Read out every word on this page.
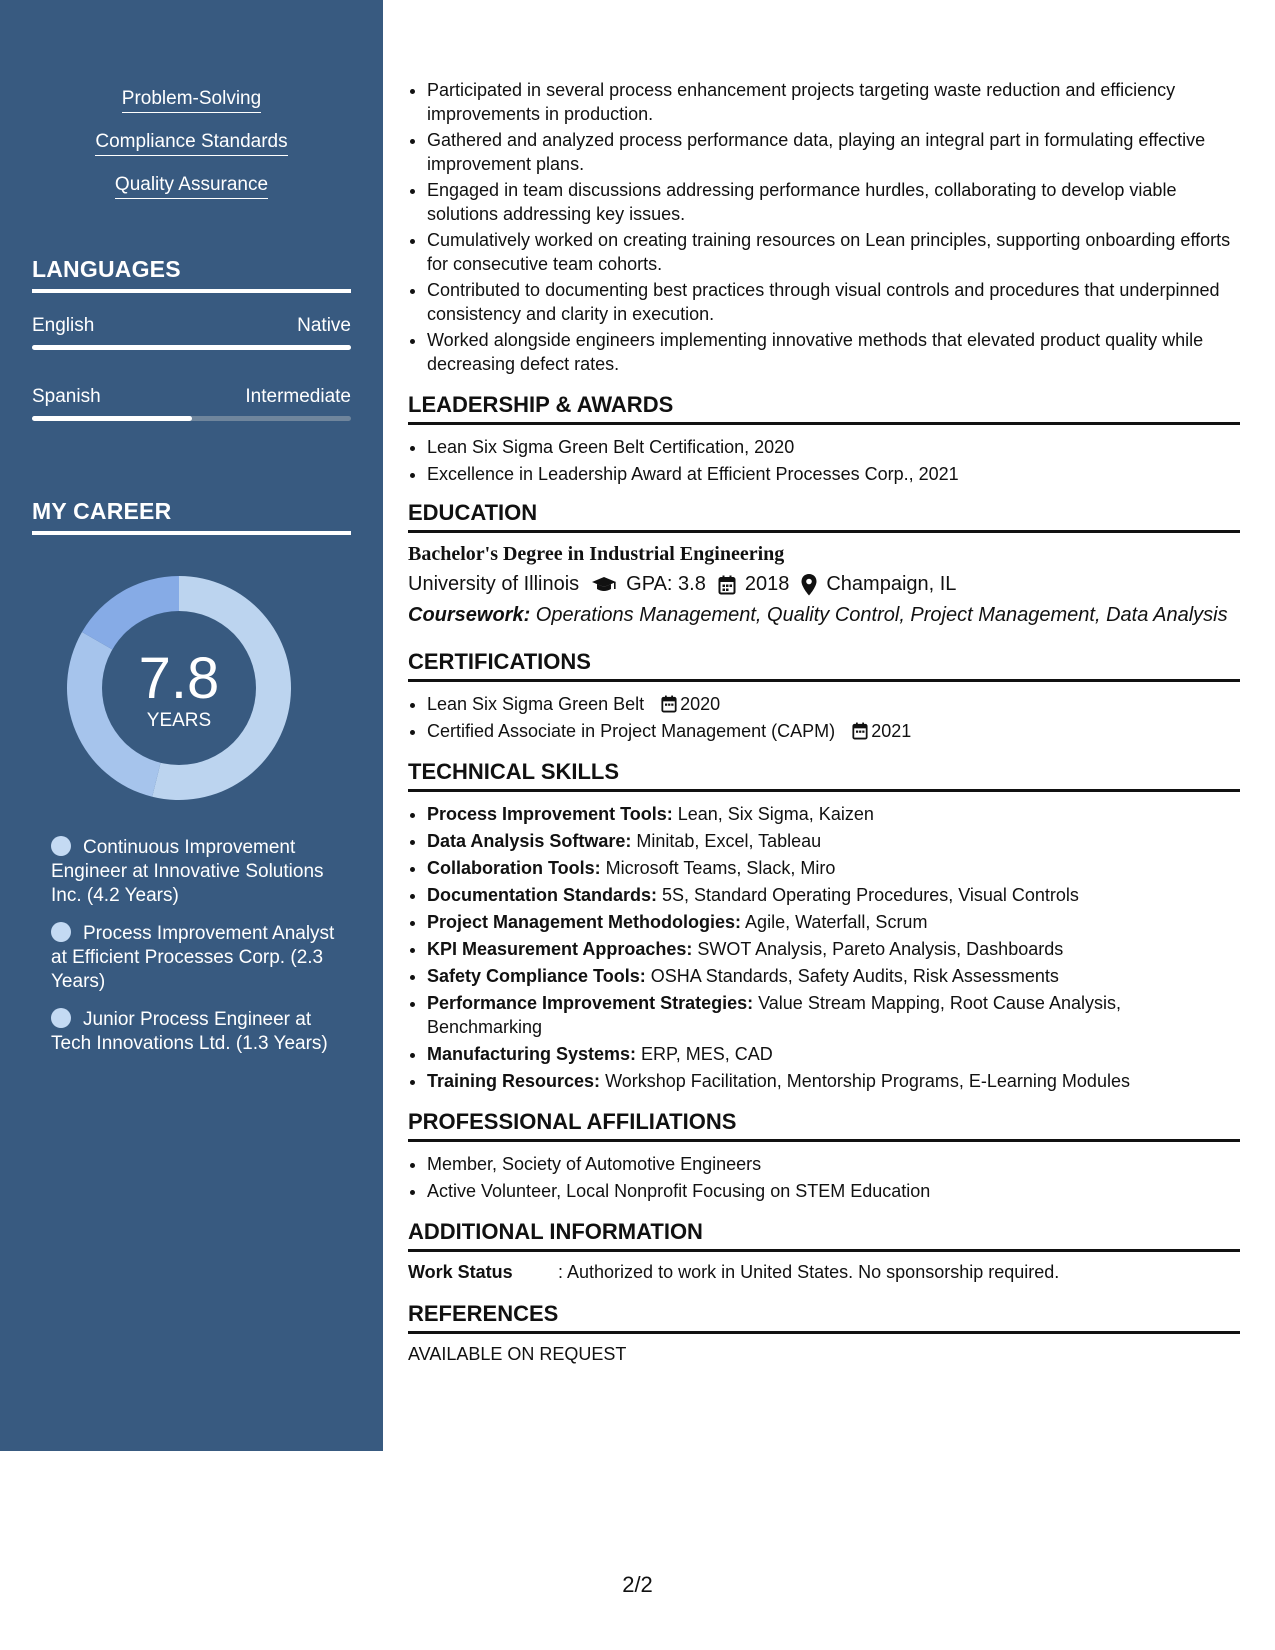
Problem-Solving
Compliance Standards
Quality Assurance
LANGUAGES
English	Native
Spanish	Intermediate
MY CAREER
7.8
YEARS
Continuous Improvement Engineer at Innovative Solutions Inc. (4.2 Years)
Process Improvement Analyst at Efficient Processes Corp. (2.3 Years)
Junior Process Engineer at Tech Innovations Ltd. (1.3 Years)
• Participated in several process enhancement projects targeting waste reduction and efficiency improvements in production.
• Gathered and analyzed process performance data, playing an integral part in formulating effective improvement plans.
• Engaged in team discussions addressing performance hurdles, collaborating to develop viable solutions addressing key issues.
• Cumulatively worked on creating training resources on Lean principles, supporting onboarding efforts for consecutive team cohorts.
• Contributed to documenting best practices through visual controls and procedures that underpinned consistency and clarity in execution.
• Worked alongside engineers implementing innovative methods that elevated product quality while decreasing defect rates.
LEADERSHIP & AWARDS
• Lean Six Sigma Green Belt Certification, 2020
• Excellence in Leadership Award at Efficient Processes Corp., 2021
EDUCATION
Bachelor's Degree in Industrial Engineering
University of Illinois GPA: 3.8 2018 Champaign, IL
Coursework: Operations Management, Quality Control, Project Management, Data Analysis
CERTIFICATIONS
• Lean Six Sigma Green Belt 2020
• Certified Associate in Project Management (CAPM) 2021
TECHNICAL SKILLS
• Process Improvement Tools: Lean, Six Sigma, Kaizen
• Data Analysis Software: Minitab, Excel, Tableau
• Collaboration Tools: Microsoft Teams, Slack, Miro
• Documentation Standards: 5S, Standard Operating Procedures, Visual Controls
• Project Management Methodologies: Agile, Waterfall, Scrum
• KPI Measurement Approaches: SWOT Analysis, Pareto Analysis, Dashboards
• Safety Compliance Tools: OSHA Standards, Safety Audits, Risk Assessments
• Performance Improvement Strategies: Value Stream Mapping, Root Cause Analysis, Benchmarking
• Manufacturing Systems: ERP, MES, CAD
• Training Resources: Workshop Facilitation, Mentorship Programs, E-Learning Modules
PROFESSIONAL AFFILIATIONS
• Member, Society of Automotive Engineers
• Active Volunteer, Local Nonprofit Focusing on STEM Education
ADDITIONAL INFORMATION
Work Status	: Authorized to work in United States. No sponsorship required.
REFERENCES
AVAILABLE ON REQUEST
2/2
